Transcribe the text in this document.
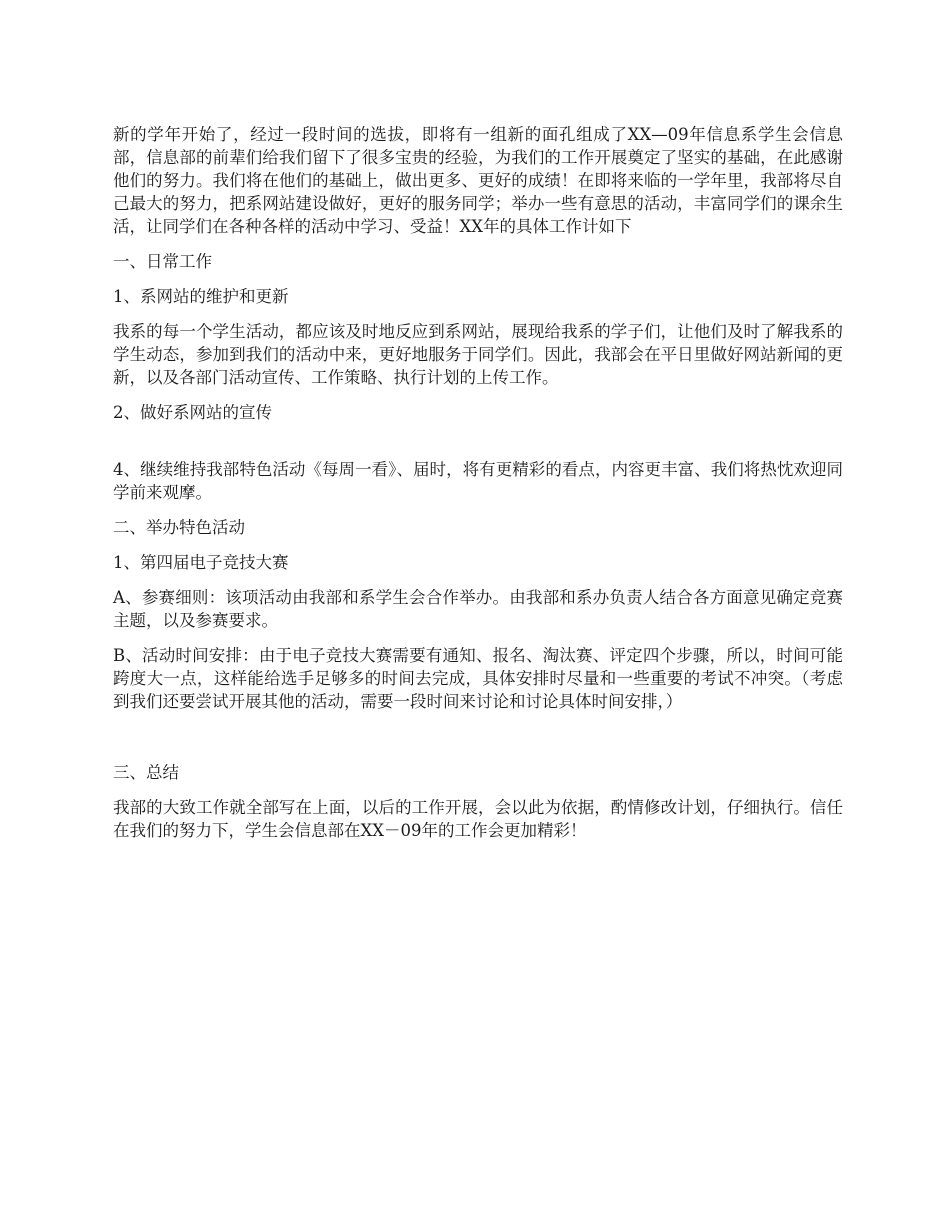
新的学年开始了，经过一段时间的选拔，即将有一组新的面孔组成了XX—09年信息系学生会信息部，信息部的前辈们给我们留下了很多宝贵的经验，为我们的工作开展奠定了坚实的基础，在此感谢他们的努力。我们将在他们的基础上，做出更多、更好的成绩！在即将来临的一学年里，我部将尽自己最大的努力，把系网站建设做好，更好的服务同学；举办一些有意思的活动，丰富同学们的课余生活，让同学们在各种各样的活动中学习、受益！XX年的具体工作计如下

一、日常工作

1、系网站的维护和更新

我系的每一个学生活动，都应该及时地反应到系网站，展现给我系的学子们，让他们及时了解我系的学生动态，参加到我们的活动中来，更好地服务于同学们。因此，我部会在平日里做好网站新闻的更新，以及各部门活动宣传、工作策略、执行计划的上传工作。

2、做好系网站的宣传

4、继续维持我部特色活动《每周一看》、届时，将有更精彩的看点，内容更丰富、我们将热忱欢迎同学前来观摩。

二、举办特色活动

1、第四届电子竞技大赛

A、参赛细则：该项活动由我部和系学生会合作举办。由我部和系办负责人结合各方面意见确定竞赛主题，以及参赛要求。

B、活动时间安排：由于电子竞技大赛需要有通知、报名、淘汰赛、评定四个步骤，所以，时间可能跨度大一点，这样能给选手足够多的时间去完成，具体安排时尽量和一些重要的考试不冲突。（考虑到我们还要尝试开展其他的活动，需要一段时间来讨论和讨论具体时间安排，）

三、总结

我部的大致工作就全部写在上面，以后的工作开展，会以此为依据，酌情修改计划，仔细执行。信任在我们的努力下，学生会信息部在XX－09年的工作会更加精彩！
